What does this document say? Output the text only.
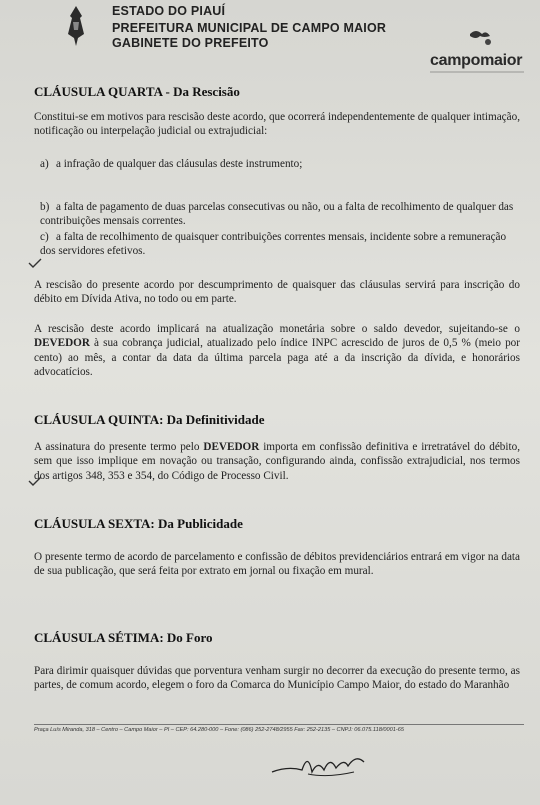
ESTADO DO PIAUÍ
PREFEITURA MUNICIPAL DE CAMPO MAIOR
GABINETE DO PREFEITO
campomaior
CLÁUSULA QUARTA - Da Rescisão
Constitui-se em motivos para rescisão deste acordo, que ocorrerá independentemente de qualquer intimação, notificação ou interpelação judicial ou extrajudicial:
a) a infração de qualquer das cláusulas deste instrumento;
b) a falta de pagamento de duas parcelas consecutivas ou não, ou a falta de recolhimento de qualquer das contribuições mensais correntes.
c) a falta de recolhimento de quaisquer contribuições correntes mensais, incidente sobre a remuneração dos servidores efetivos.
A rescisão do presente acordo por descumprimento de quaisquer das cláusulas servirá para inscrição do débito em Dívida Ativa, no todo ou em parte.
A rescisão deste acordo implicará na atualização monetária sobre o saldo devedor, sujeitando-se o DEVEDOR à sua cobrança judicial, atualizado pelo índice INPC acrescido de juros de 0,5 % (meio por cento) ao mês, a contar da data da última parcela paga até a da inscrição da dívida, e honorários advocatícios.
CLÁUSULA QUINTA: Da Definitividade
A assinatura do presente termo pelo DEVEDOR importa em confissão definitiva e irretratável do débito, sem que isso implique em novação ou transação, configurando ainda, confissão extrajudicial, nos termos dos artigos 348, 353 e 354, do Código de Processo Civil.
CLÁUSULA SEXTA: Da Publicidade
O presente termo de acordo de parcelamento e confissão de débitos previdenciários entrará em vigor na data de sua publicação, que será feita por extrato em jornal ou fixação em mural.
CLÁUSULA SÉTIMA: Do Foro
Para dirimir quaisquer dúvidas que porventura venham surgir no decorrer da execução do presente termo, as partes, de comum acordo, elegem o foro da Comarca do Município Campo Maior, do estado do Maranhão
Praça Luís Miranda, 318 – Centro – Campo Maior – PI – CEP: 64.280-000 – Fone: (086) 252-2748/2955 Fax: 252-2135 – CNPJ: 06.075.118/0001-65
